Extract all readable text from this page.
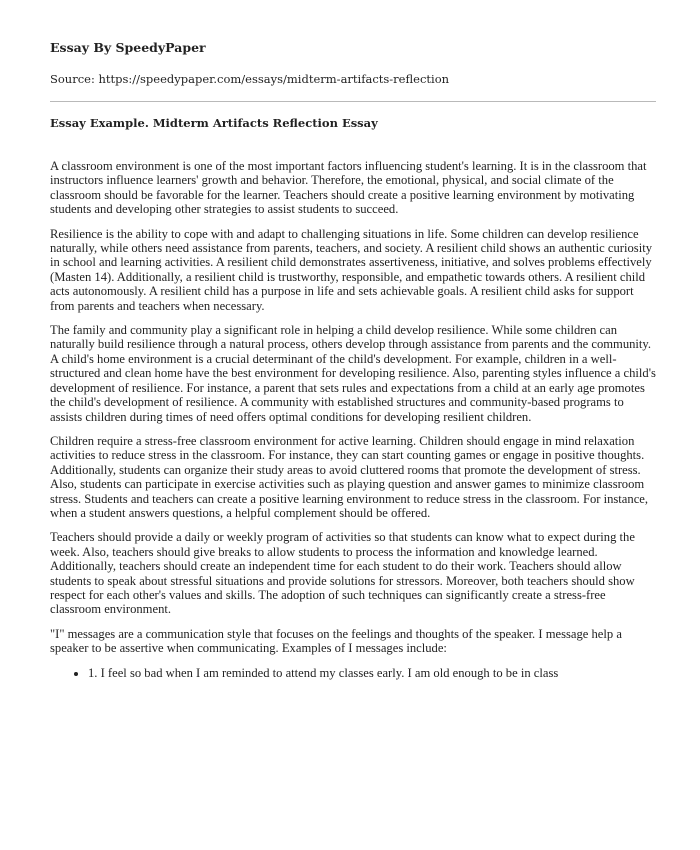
Essay By SpeedyPaper
Source: https://speedypaper.com/essays/midterm-artifacts-reflection
Essay Example. Midterm Artifacts Reflection Essay

A classroom environment is one of the most important factors influencing student's learning. It is in the classroom that instructors influence learners' growth and behavior. Therefore, the emotional, physical, and social climate of the classroom should be favorable for the learner. Teachers should create a positive learning environment by motivating students and developing other strategies to assist students to succeed.

Resilience is the ability to cope with and adapt to challenging situations in life. Some children can develop resilience naturally, while others need assistance from parents, teachers, and society. A resilient child shows an authentic curiosity in school and learning activities. A resilient child demonstrates assertiveness, initiative, and solves problems effectively (Masten 14). Additionally, a resilient child is trustworthy, responsible, and empathetic towards others. A resilient child acts autonomously. A resilient child has a purpose in life and sets achievable goals. A resilient child asks for support from parents and teachers when necessary.

The family and community play a significant role in helping a child develop resilience. While some children can naturally build resilience through a natural process, others develop through assistance from parents and the community. A child's home environment is a crucial determinant of the child's development. For example, children in a well-structured and clean home have the best environment for developing resilience. Also, parenting styles influence a child's development of resilience. For instance, a parent that sets rules and expectations from a child at an early age promotes the child's development of resilience. A community with established structures and community-based programs to assists children during times of need offers optimal conditions for developing resilient children.

Children require a stress-free classroom environment for active learning. Children should engage in mind relaxation activities to reduce stress in the classroom. For instance, they can start counting games or engage in positive thoughts. Additionally, students can organize their study areas to avoid cluttered rooms that promote the development of stress. Also, students can participate in exercise activities such as playing question and answer games to minimize classroom stress. Students and teachers can create a positive learning environment to reduce stress in the classroom. For instance, when a student answers questions, a helpful complement should be offered.

Teachers should provide a daily or weekly program of activities so that students can know what to expect during the week. Also, teachers should give breaks to allow students to process the information and knowledge learned. Additionally, teachers should create an independent time for each student to do their work. Teachers should allow students to speak about stressful situations and provide solutions for stressors. Moreover, both teachers should show respect for each other's values and skills. The adoption of such techniques can significantly create a stress-free classroom environment.

"I" messages are a communication style that focuses on the feelings and thoughts of the speaker. I message help a speaker to be assertive when communicating. Examples of I messages include:

• 1. I feel so bad when I am reminded to attend my classes early. I am old enough to be in class
